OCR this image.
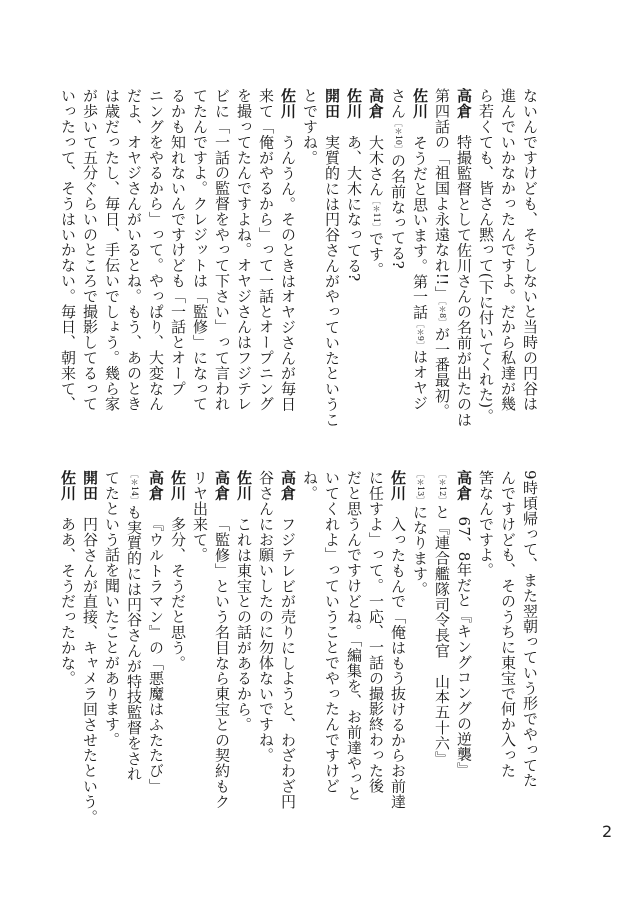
ないんですけども、そうしないと当時の円谷は
進んでいかなかったんですよ。だから私達が幾
ら若くても、皆さん黙って(下に付いてくれた)。
高倉特撮監督として佐川さんの名前が出たのは
第四話の「祖国よ永遠なれ!!」［＊8］が一番最初。
佐川そうだと思います。第一話［＊9］はオヤジ
さん［＊10］の名前なってる?
高倉大木さん［＊11］です。
佐川あ、大木になってる?
開田実質的には円谷さんがやっていたというこ
とですね。
佐川うんうん。そのときはオヤジさんが毎日
来て「俺がやるから」って一話とオープニング
を撮ってたんですよね。オヤジさんはフジテレ
ビに「一話の監督をやって下さい」って言われ
てたんですよ。クレジットは「監修」になって
るかも知れないんですけども「一話とオープ
ニングをやるから」って。やっぱり、大変なん
だよ、オヤジさんがいるとね。もう、あのとき
は歳だったし、毎日、手伝いでしょう。幾ら家
が歩いて五分ぐらいのところで撮影してるって
いったって、そうはいかない。毎日、朝来て、
9時頃帰って、また翌朝っていう形でやってた
んですけども、そのうちに東宝で何か入った
筈なんですよ。
高倉67、8年だと『キングコングの逆襲』
［＊12］と『連合艦隊司令長官　山本五十六』
［＊13］になります。
佐川入ったもんで「俺はもう抜けるからお前達
に任すよ」って。一応、一話の撮影終わった後
だと思うんですけどね。「編集を、お前達やっと
いてくれよ」っていうことでやったんですけど
ね。
高倉フジテレビが売りにしようと、わざわざ円
谷さんにお願いしたのに勿体ないですね。
佐川これは東宝との話があるから。
高倉「監修」という名目なら東宝との契約もク
リヤ出来て。
佐川多分、そうだと思う。
高倉『ウルトラマン』の「悪魔はふたたび」
［＊14］も実質的には円谷さんが特技監督をされ
てたという話を聞いたことがあります。
開田円谷さんが直接、キャメラ回させたという。
佐川ああ、そうだったかな。
2
